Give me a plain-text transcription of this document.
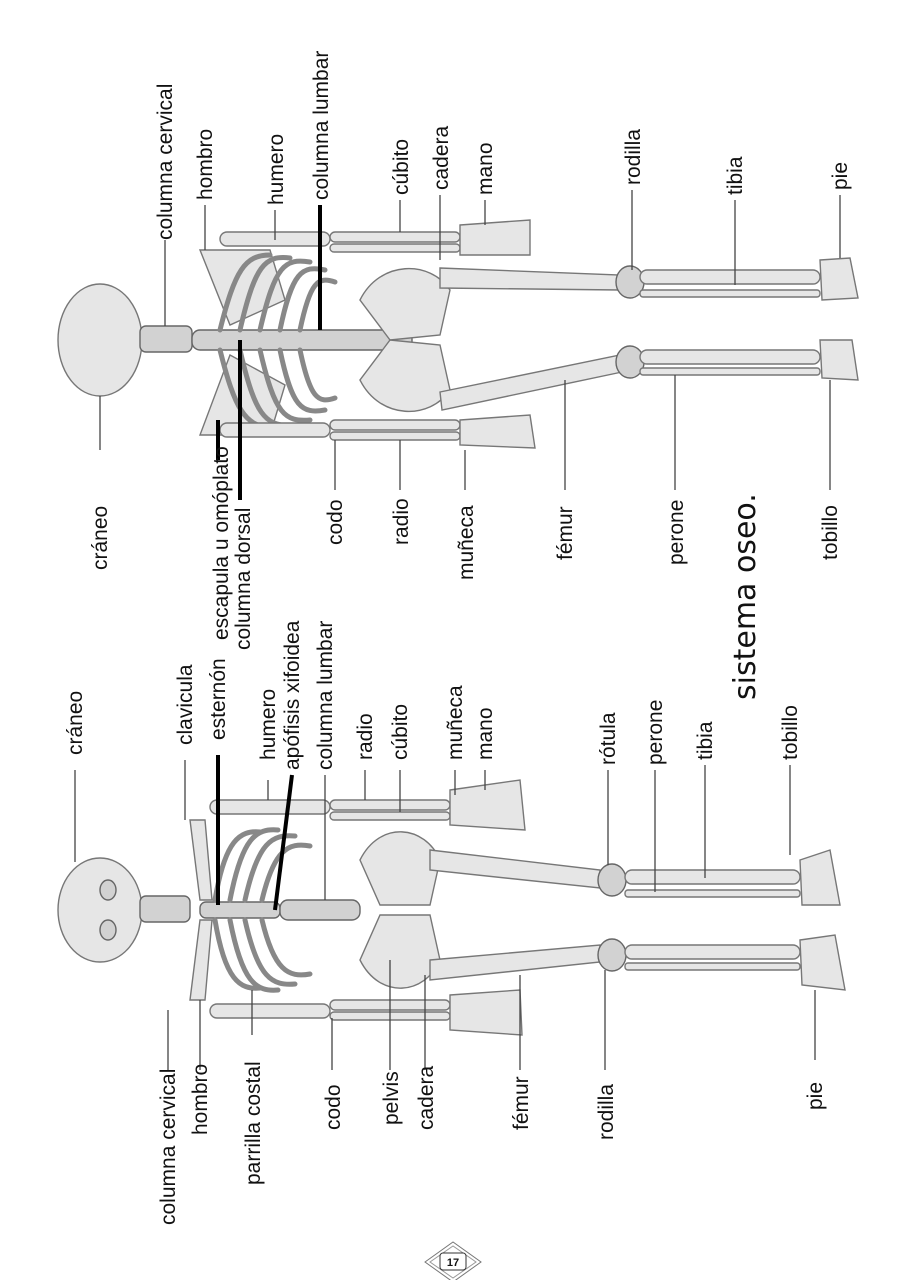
cráneo	escapula u omóplato columna dorsal	codo radio muñeca	fémur	perone	tobillo
columna cervical hombro humero columna lumbar	cúbito cadera mano	rodilla	tibia	pie
sistema oseo.
columna cervical hombro parrilla costal	codo pelvis cadera	fémur	rodilla	pie
cráneo	clavicula esternón humero apófisis xifoidea columna lumbar radio cúbito muñeca mano	rótula perone tibia	tobillo
17
